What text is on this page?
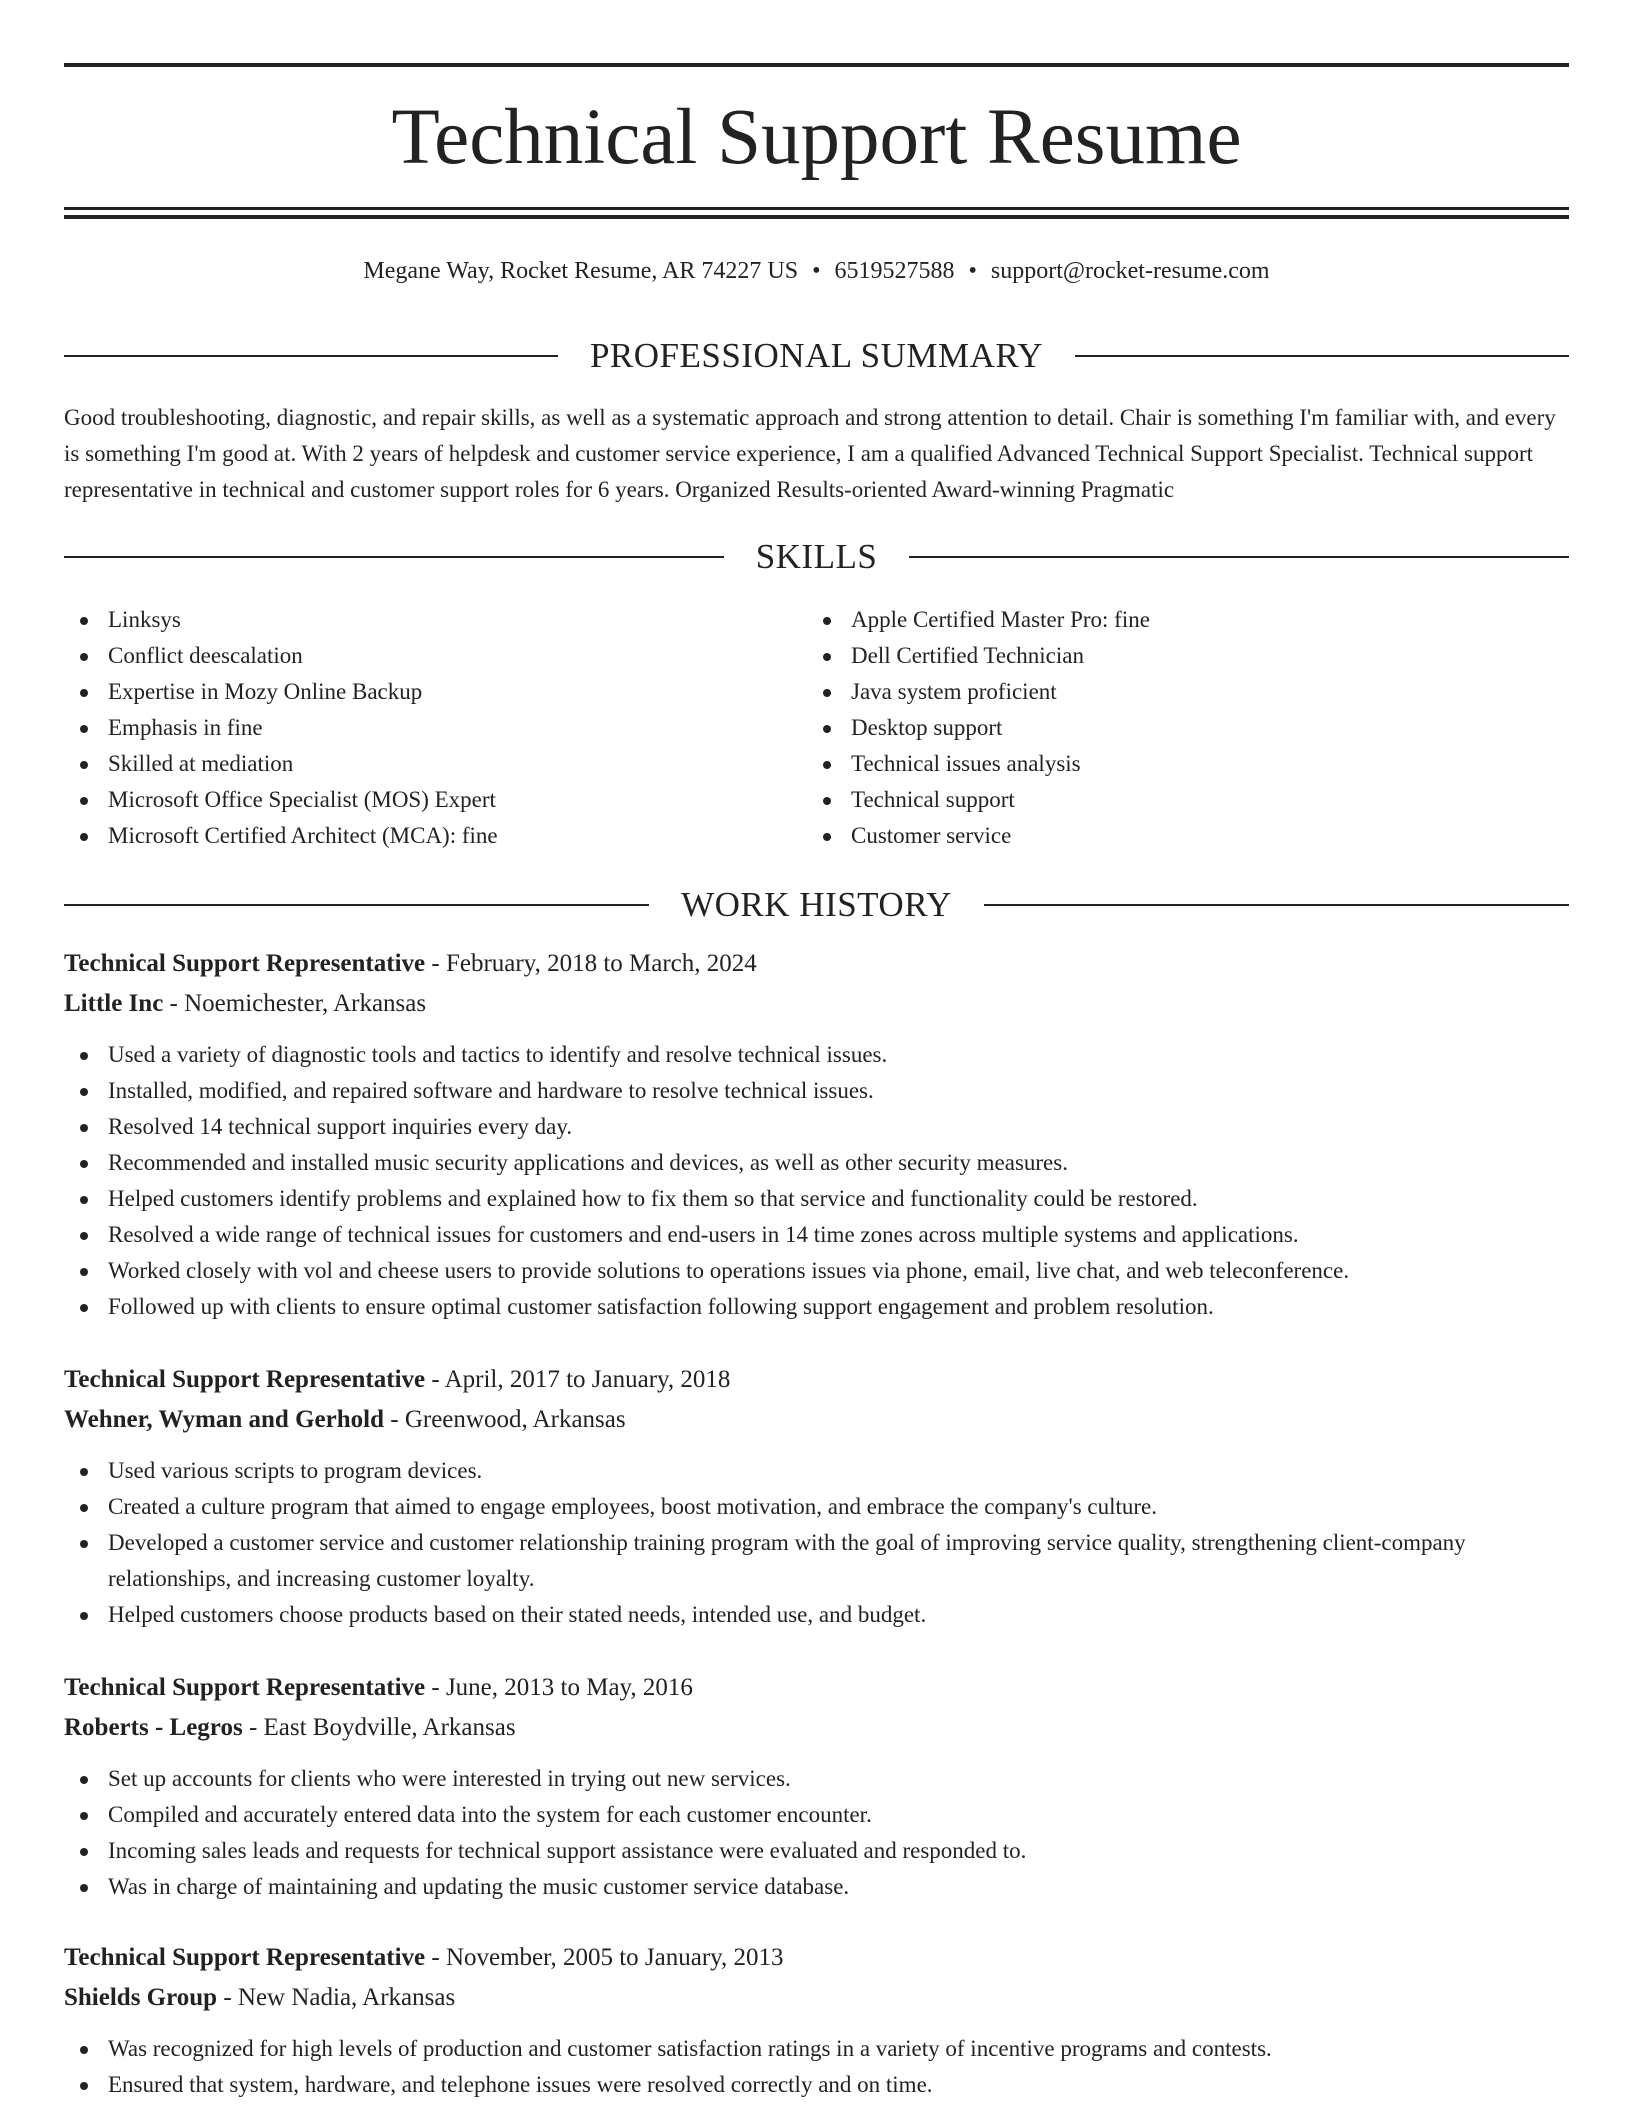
Technical Support Resume
Megane Way, Rocket Resume, AR 74227 US • 6519527588 • support@rocket-resume.com
PROFESSIONAL SUMMARY

Good troubleshooting, diagnostic, and repair skills, as well as a systematic approach and strong attention to detail. Chair is something I'm familiar with, and every is something I'm good at. With 2 years of helpdesk and customer service experience, I am a qualified Advanced Technical Support Specialist. Technical support representative in technical and customer support roles for 6 years. Organized Results-oriented Award-winning Pragmatic

SKILLS
Linksys
Conflict deescalation
Expertise in Mozy Online Backup
Emphasis in fine
Skilled at mediation
Microsoft Office Specialist (MOS) Expert
Microsoft Certified Architect (MCA): fine
Apple Certified Master Pro: fine
Dell Certified Technician
Java system proficient
Desktop support
Technical issues analysis
Technical support
Customer service
WORK HISTORY
Technical Support Representative - February, 2018 to March, 2024
Little Inc - Noemichester, Arkansas
Used a variety of diagnostic tools and tactics to identify and resolve technical issues.
Installed, modified, and repaired software and hardware to resolve technical issues.
Resolved 14 technical support inquiries every day.
Recommended and installed music security applications and devices, as well as other security measures.
Helped customers identify problems and explained how to fix them so that service and functionality could be restored.
Resolved a wide range of technical issues for customers and end-users in 14 time zones across multiple systems and applications.
Worked closely with vol and cheese users to provide solutions to operations issues via phone, email, live chat, and web teleconference.
Followed up with clients to ensure optimal customer satisfaction following support engagement and problem resolution.
Technical Support Representative - April, 2017 to January, 2018
Wehner, Wyman and Gerhold - Greenwood, Arkansas
Used various scripts to program devices.
Created a culture program that aimed to engage employees, boost motivation, and embrace the company's culture.
Developed a customer service and customer relationship training program with the goal of improving service quality, strengthening client-company relationships, and increasing customer loyalty.
Helped customers choose products based on their stated needs, intended use, and budget.
Technical Support Representative - June, 2013 to May, 2016
Roberts - Legros - East Boydville, Arkansas
Set up accounts for clients who were interested in trying out new services.
Compiled and accurately entered data into the system for each customer encounter.
Incoming sales leads and requests for technical support assistance were evaluated and responded to.
Was in charge of maintaining and updating the music customer service database.
Technical Support Representative - November, 2005 to January, 2013
Shields Group - New Nadia, Arkansas
Was recognized for high levels of production and customer satisfaction ratings in a variety of incentive programs and contests.
Ensured that system, hardware, and telephone issues were resolved correctly and on time.
